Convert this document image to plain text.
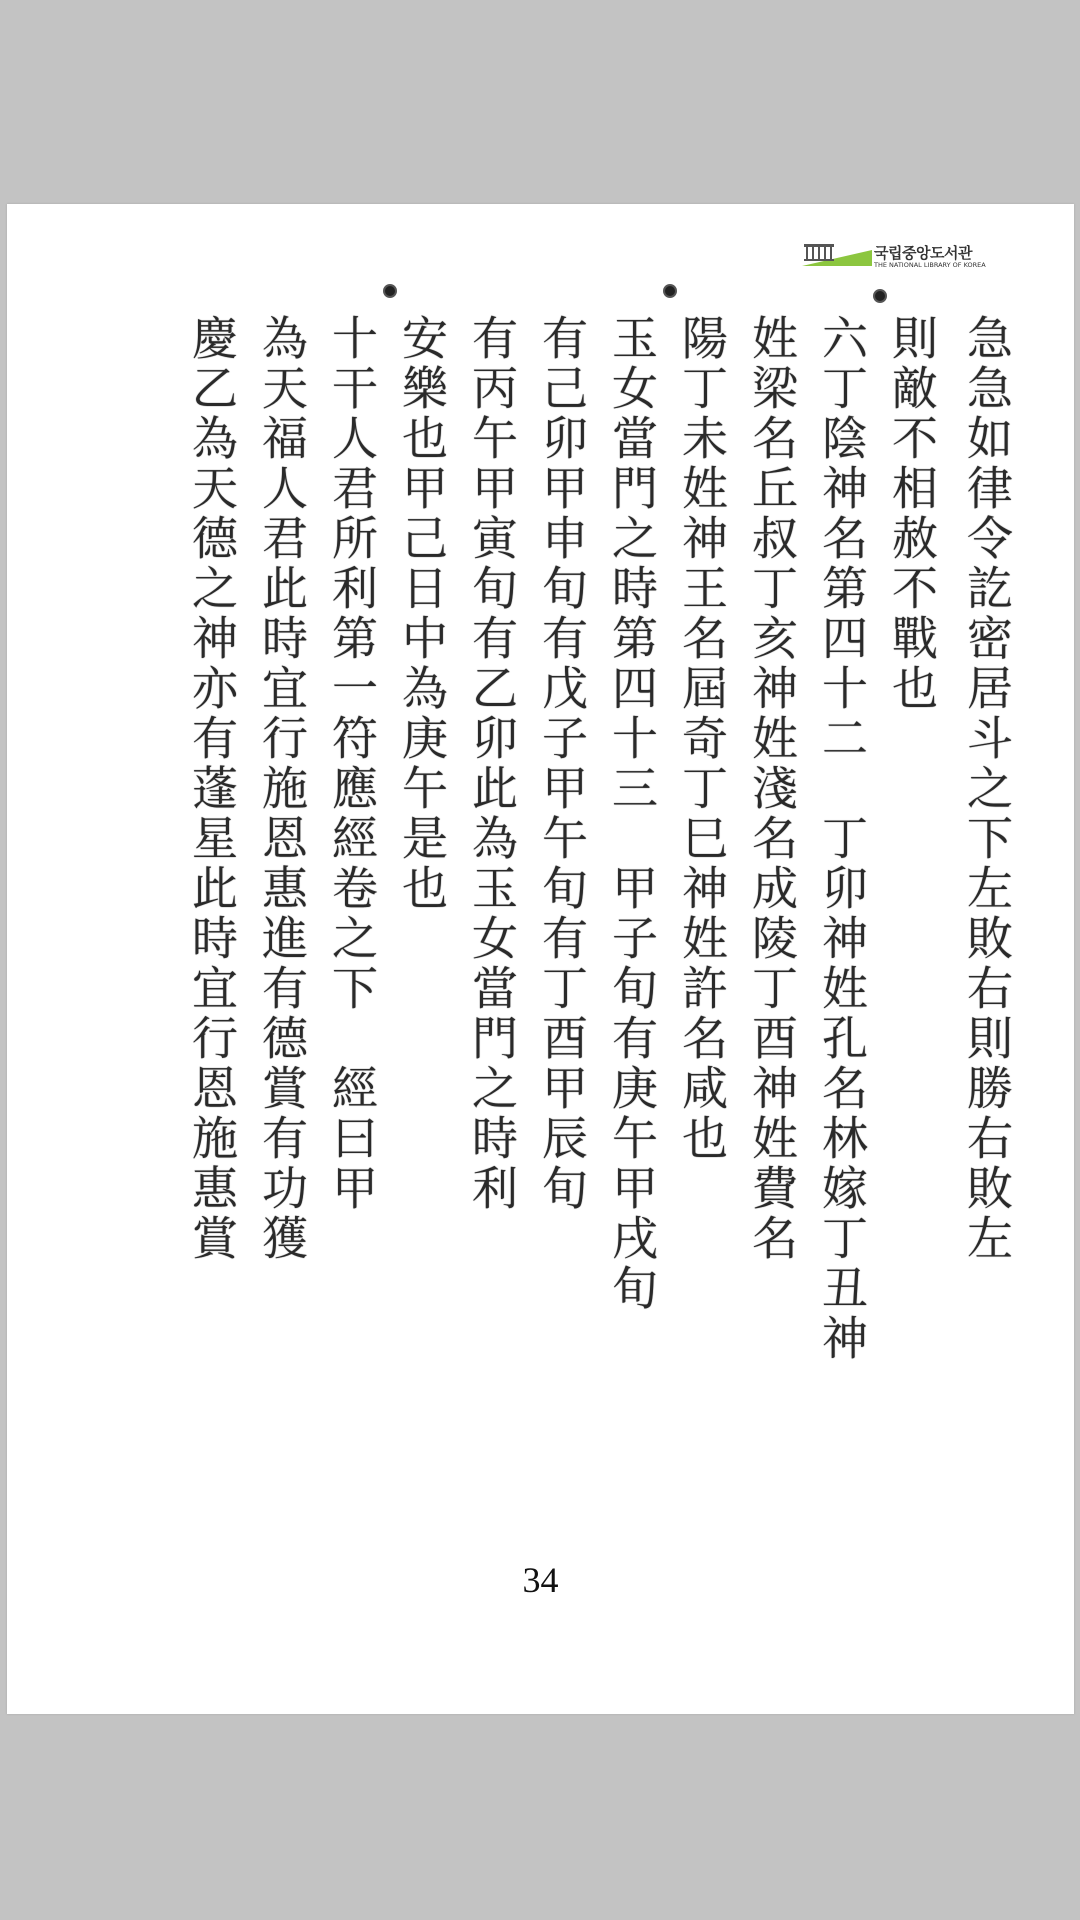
국립중앙도서관
THE NATIONAL LIBRARY OF KOREA
急急如律令訖密居斗之下左敗右則勝右敗左
則敵不相赦不戰也
六丁陰神名第四十二　丁卯神姓孔名林嫁丁丑神
姓梁名丘叔丁亥神姓淺名成陵丁酉神姓費名
陽丁未姓神王名屆奇丁巳神姓許名咸也
玉女當門之時第四十三　甲子旬有庚午甲戌旬
有己卯甲申旬有戊子甲午旬有丁酉甲辰旬
有丙午甲寅旬有乙卯此為玉女當門之時利
安樂也甲己日中為庚午是也
十干人君所利第一符應經卷之下　經曰甲
為天福人君此時宜行施恩惠進有德賞有功獲
慶乙為天德之神亦有蓬星此時宜行恩施惠賞
34
